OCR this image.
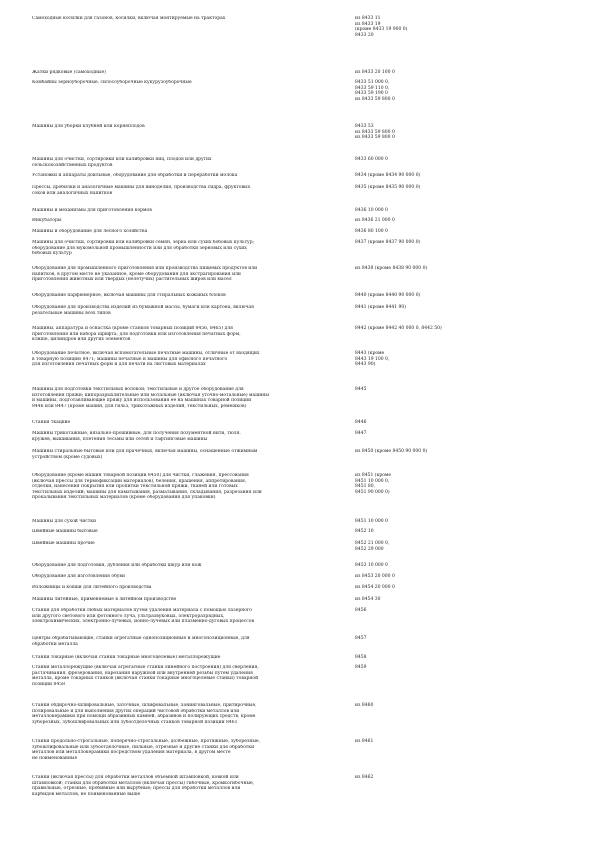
Самоходные косилки для газонов, косилки, включая монтируемые на тракторах	из 8433 11
из 8433 19
(кроме 8433 19 900 0)
8433 20
Жатки рядковые (самоходные)	из 8433 20 100 0
Комбайны зерноуборочные, силосоуборочные кукурузоуборочные	8433 51 000 0,
8433 59 110 0,
8433 59 190 0
из 8433 59 800 0
Машины для уборки клубней или корнеплодов	8433 53
из 8433 59 800 0
из 8433 59 800 0
Машины для очистки, сортировки или калибровки яиц, плодов или других
сельскохозяйственных продуктов
8433 60 000 0
Установки и аппараты доильные, оборудование для обработки и переработки молока	8434 (кроме 8434 90 000 0)
Прессы, дробилки и аналогичные машины для виноделия, производства сидра, фруктовых
соков или аналогичных напитков
8435 (кроме 8435 90 000 0)
Машины и механизмы для приготовления кормов	8436 10 000 0
Инкубаторы	из 8436 21 000 0
Машины и оборудование для лесного хозяйства	8436 80 100 0
Машины для очистки, сортировки или калибровки семян, зерна или сухих бобовых культур;
оборудование для мукомольной промышленности или для обработки зерновых или сухих
бобовых культур
8437 (кроме 8437 90 000 0)
Оборудование для промышленного приготовления или производства пищевых продуктов или
напитков, в другом месте не указанное, кроме оборудования для экстрагирования или
приготовления животных или твердых (нелетучих) растительных жиров или масел
из 8438 (кроме 8438 90 000 0)
Оборудование парфюмерное, включая машины для стиральных кожаных блоков	8440 (кроме 8440 90 000 0)
Оборудование для производства изделий из бумажной массы, бумаги или картона, включая
резательные машины всех типов
8441 (кроме 8441 90)
Машины, аппаратура и оснастка (кроме станков товарных позиций 8456, 8465) для
приготовления или набора шрифта, для подготовки или изготовления печатных форм,
клише, цилиндров или других элементов
8442 (кроме 8442 40 000 0, 8442 50)
Оборудование печатное, включая вспомогательные печатные машины, отличные от входящих
в товарную позицию 8471; машины печатные и машины для офисного печатного
для изготовления печатных форм и для печати на листовых материалах
8443 (кроме
8443 19 100 0,
8443 90)
Машины для подготовки текстильных волокон; текстильные и другое оборудование для
изготовления пряжи; кипоразрыхлительные или мотальные (включая уточно-мотальные) машины
и машины, подготавливающие пряжу для использования ее на машинах товарной позиции
8446 или 8447 (кроме машин, для гильз, трикотажных изделий, текстильных, ремешков)
8445
Станки ткацкие	8446
Машины трикотажные, вязально-прошивные, для получения позументной нити, тюля,
кружев, вышивания, плетения тесьмы или сетей и тафтинговые машины
8447
Машины стиральные бытовые или для прачечных, включая машины, оснащенные отжимным
устройством (кроме судовых)
из 8450 (кроме 8450 90 000 0)
Оборудование (кроме машин товарной позиции 8450) для чистки, глажения, прессования
(включая прессы для термофиксации материалов), беления, крашения, аппретирования,
отделки, нанесения покрытия или пропитки текстильной пряжи, тканей или готовых
текстильных изделий; машины для наматывания, разматывания, складывания, разрезания или
прокалывания текстильных материалов (кроме оборудования для упаковки)
из 8451 (кроме
8451 10 000 0,
8451 80,
8451 90 000 0)
Машины для сухой чистки	8451 10 000 0
Швейные машины бытовые	8452 10
Швейные машины прочие	8452 21 000 0,
8452 29 000
Оборудование для подготовки, дубления или обработки шкур или кож	8453 10 000 0
Оборудование для изготовления обуви	из 8453 20 000 0
Изложницы и ковши для литейного производства	из 8454 20 000 0
Машины литейные, применяемые в литейном производстве	из 8454 30
Станки для обработки любых материалов путем удаления материала с помощью лазерного
или другого светового или фотонного луча, ультразвуковых, электроразрядных,
электрохимических, электронно-лучевых, ионно-лучевых или плазменно-дуговых процессов
8456
Центры обрабатывающие, станки агрегатные однопозиционные и многопозиционные, для
обработки металла
8457
Станки токарные (включая станки токарные многоцелевые) металлорежущие	8458
Станки металлорежущие (включая агрегатные станки линейного построения) для сверления,
растачивания, фрезерования, нарезания наружной или внутренней резьбы путем удаления
металла, кроме токарных станков (включая станки токарные многоцелевые станки) товарной
позиции 8458
8459
Станки обдирочно-шлифовальные, заточные, шлифовальные, хонинговальные, притирочные,
полировальные и для выполнения других операций чистовой обработки металлов или
металлокерамики при помощи абразивных камней, абразивов и полирующих средств, кроме
зуборезных, зубошлифовальных или зубоотделочных станков товарной позиции 8461
из 8460
Станки продольно-строгальные, поперечно-строгальные, долбежные, протяжные, зуборезные,
зубошлифовальные или зубоотделочные, пильные, отрезные и другие станки для обработки
металлов или металлокерамики посредством удаления материала, в другом месте
не поименованные
из 8461
Станки (включая прессы) для обработки металлов объемной штамповкой, ковкой или
штамповкой; станки для обработки металлов (включая прессы) гибочные, кромкогибочные,
правильные, отрезные, пробивные или вырубные; прессы для обработки металлов или
карбидов металлов, не поименованные выше
из 8462
